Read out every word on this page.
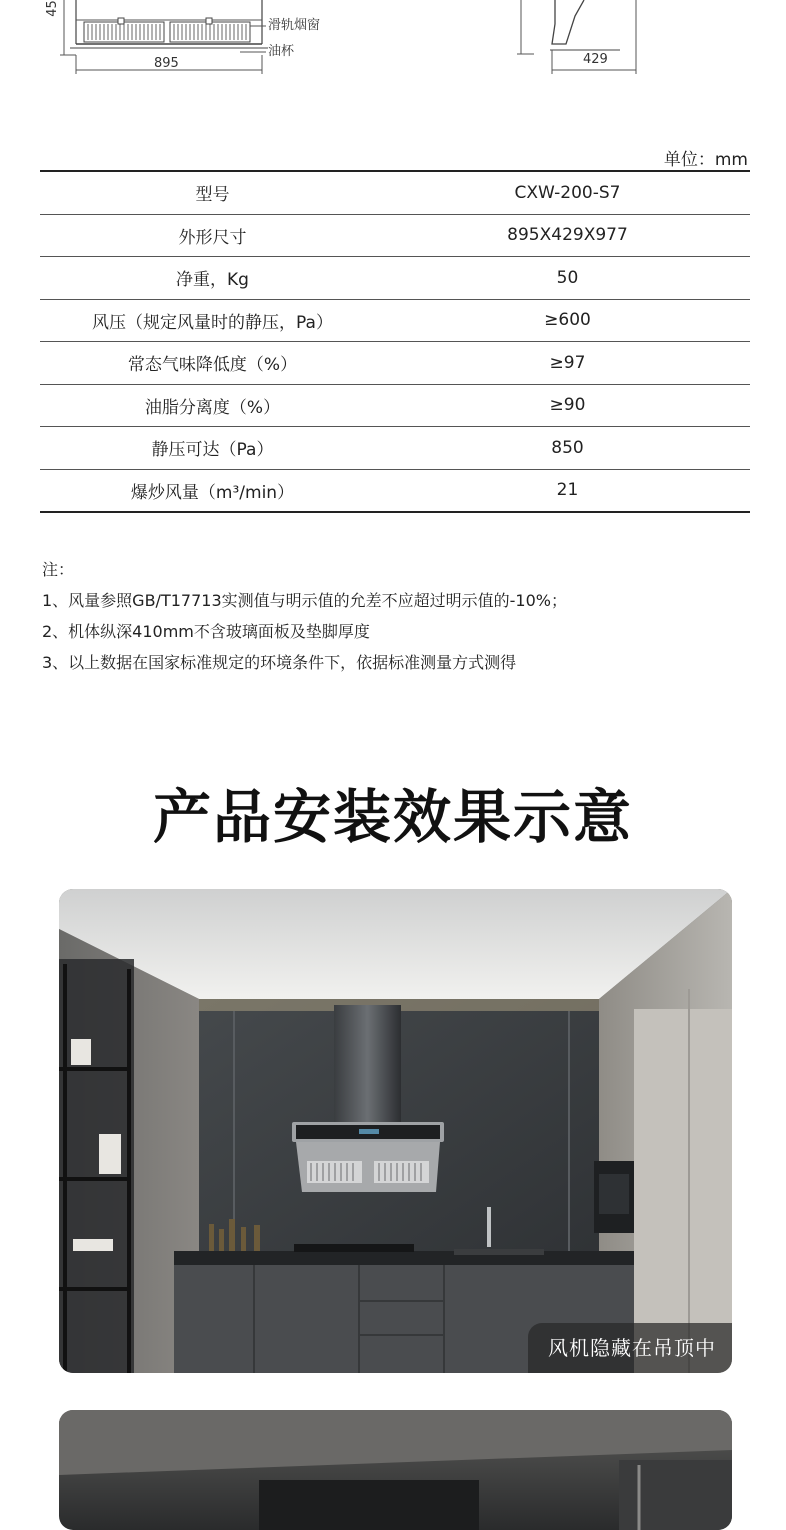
45
滑轨烟窗
油杯
895	429
单位：mm
型号	CXW-200-S7
外形尺寸	895X429X977
净重，Kg	50
风压（规定风量时的静压，Pa）	≥600
常态气味降低度（%）	≥97
油脂分离度（%）	≥90
静压可达（Pa）	850
爆炒风量（m³/min）	21
注：
1、风量参照GB/T17713实测值与明示值的允差不应超过明示值的-10%；
2、机体纵深410mm不含玻璃面板及垫脚厚度
3、以上数据在国家标准规定的环境条件下，依据标准测量方式测得
产品安装效果示意
风机隐藏在吊顶中
